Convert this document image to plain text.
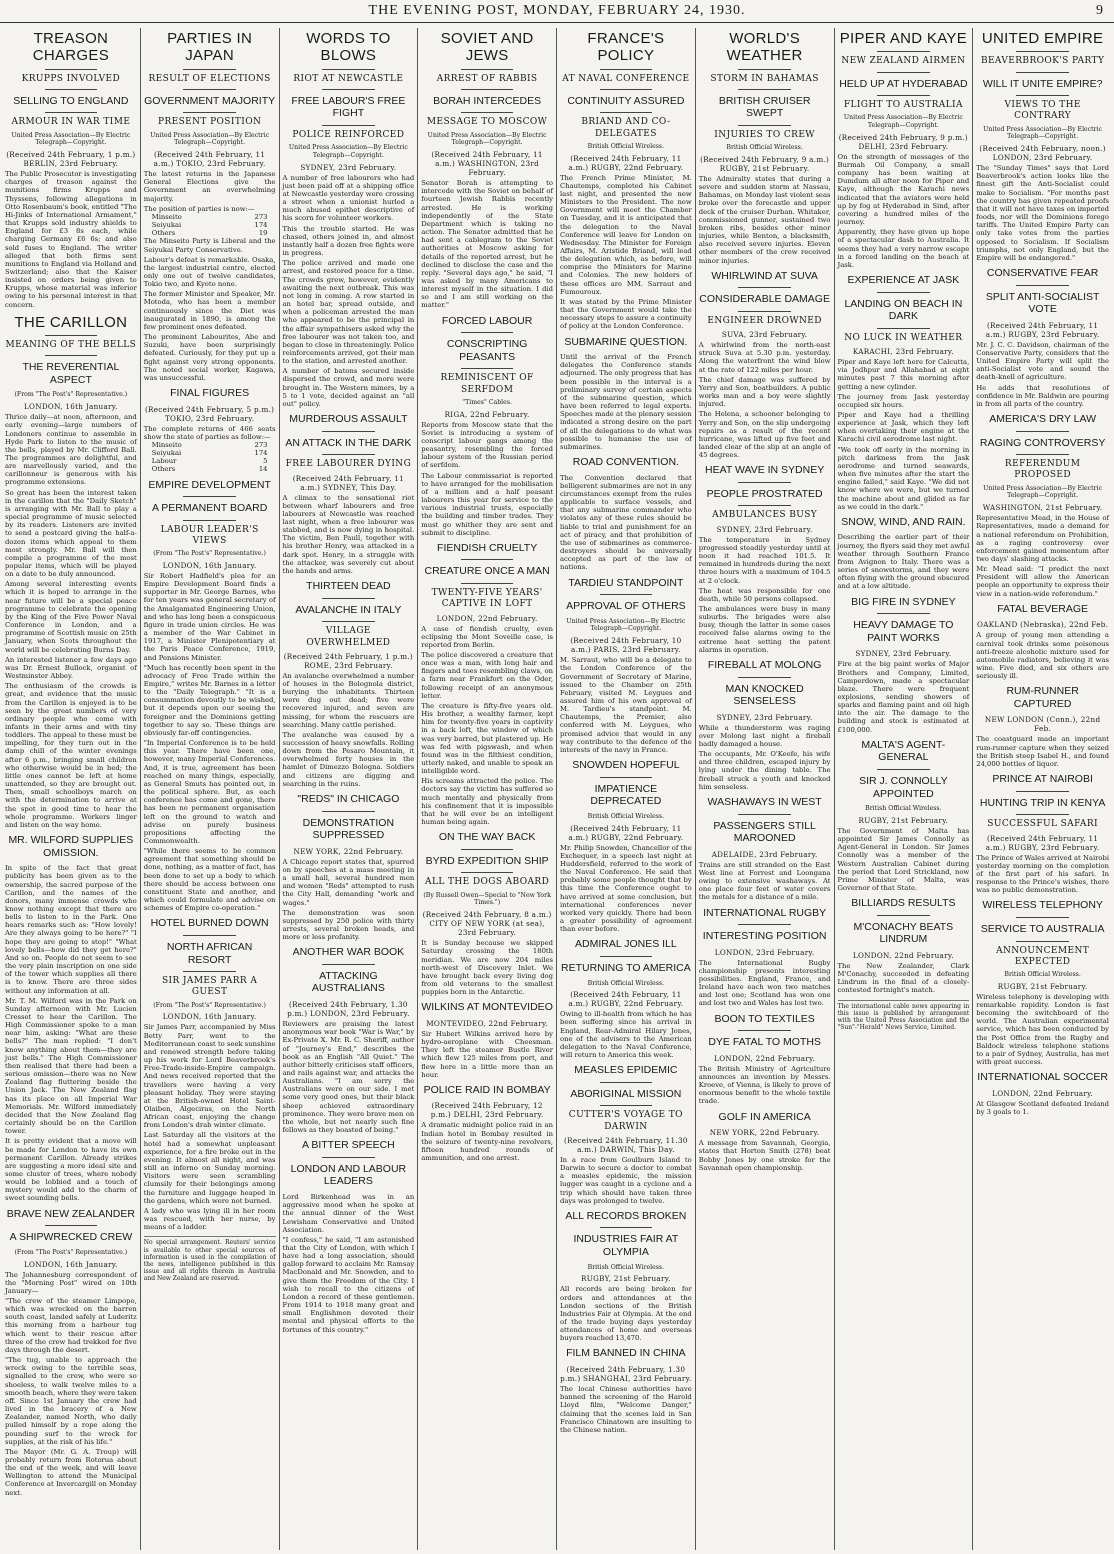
THE EVENING POST, MONDAY, FEBRUARY 24, 1930.	9
TREASON CHARGES
KRUPPS INVOLVED
SELLING TO ENGLAND
ARMOUR IN WAR TIME
United Press Association—By Electric Telegraph—Copyright.
(Received 24th February, 1 p.m.) BERLIN, 23rd February.

The Public Prosecutor is investigating charges of treason against the munitions firms Krupps and Thyssens, following allegations in Otto Rosenbaum's book, entitled "The Hi-Jinks of International Armament," that Krupps sold industry shields to England for £3 8s each, while charging Germany £6 6s; and also sold fuses to England. The writer alleged that both firms sent munitions to England via Holland and Switzerland; also that the Kaiser insisted on orders being given to Krupps, whose material was inferior owing to his personal interest in that concern.

THE CARILLON
MEANING OF THE BELLS
THE REVERENTIAL ASPECT
(From "The Post's" Representative.)
LONDON, 16th January.

Thrice daily—at noon, afternoon, and early evening—large numbers of Londoners continue to assemble in Hyde Park to listen to the music of the bells, played by Mr. Clifford Ball. The programmes are delightful, and are marvellously varied, and the carillonneur is generous with his programme extensions.

So great has been the interest taken in the carillon that the "Daily Sketch" is arranging with Mr. Ball to play a special programme of music selected by its readers. Listeners are invited to send a postcard giving the half-a-dozen items which appeal to them most strongly. Mr. Ball will then compile a programme of the most popular items, which will be played on a date to be duly announced.

Among several interesting events which it is hoped to arrange in the near future will be a special peace programme to celebrate the opening by the King of the Five Power Naval Conference in London, and a programme of Scottish music on 25th January, when Scots throughout the world will be celebrating Burns Day.

An interested listener a few days ago was Dr. Ernest Bullock, organist of Westminster Abbey.

The enthusiasm of the crowds is great, and evidence that the music from the Carillon is enjoyed is to be seen by the great numbers of very ordinary people who come with infants in their arms and with tiny toddlers. The appeal to these must be impelling, for they turn out in the damp chill of the winter evenings after 6 p.m., bringing small children who otherwise would be in bed; the little ones cannot be left at home unattended, so they are brought out. Then, small schoolboys march on with the determination to arrive at the spot in good time to hear the whole programme. Workers linger and listen on the way home.

MR. WILFORD SUPPLIES OMISSION.

In spite of the fact that great publicity has been given as to the ownership, the sacred purpose of the Carillon, and the names of the donors, many immense crowds who know nothing except that there are bells to listen to in the Park. One hears remarks such as: "How lovely! Are they always going to be here?" "I hope they are going to stop!" "What lovely bells—how did they get here?" And so on. People do not seem to see the very plain inscription on one side of the tower which supplies all there is to know. There are three sides without any information at all.

Mr. T. M. Wilford was in the Park on Sunday afternoon with Mr. Lucien Cresset to hear the Carillon. The High Commissioner spoke to a man near him, asking: "What are these bells?" The man replied: "I don't know anything about them—they are just bells." The High Commissioner then realised that there had been a serious omission—there was no New Zealand flag fluttering beside the Union Jack. The New Zealand flag has its place on all Imperial War Memorials. Mr. Wilford immediately decided that the New Zealand flag certainly should be on the Carillon tower.

It is pretty evident that a move will be made for London to have its own permanent Carillon. Already strikes are suggesting a more ideal site and some cluster of trees, where nobody would be lobbied and a touch of mystery would add to the charm of sweet sounding bells.

BRAVE NEW ZEALANDER
A SHIPWRECKED CREW
(From "The Post's" Representative.)
LONDON, 16th January.

The Johannesburg correspondent of the "Morning Post" wired on 10th January—

"The crew of the steamer Limpopo, which was wrecked on the barren south coast, landed safely at Luderitz this morning from a harbour tug which went to their rescue after three of the crew had trekked for five days through the desert.

"The tug, unable to approach the wreck owing to the terrible seas, signalled to the crew, who were so shoeless, to walk twelve miles to a smooth beach, where they were taken off. Since 1st January the crew had lived in the bracery of a New Zealander, named North, who daily pulled himself by a rope along the pounding surf to the wreck for supplies, at the risk of his life."

The Mayor (Mr. G. A. Troup) will probably return from Rotorua about the end of the week, and will leave Wellington to attend the Municipal Conference at Invercargill on Monday next.

PARTIES IN JAPAN
RESULT OF ELECTIONS
GOVERNMENT MAJORITY
PRESENT POSITION
United Press Association—By Electric Telegraph—Copyright.
(Received 24th February, 11 a.m.) TOKIO, 23rd February.

The latest returns in the Japanese General Elections give the Government an overwhelming majority.

The position of parties is now:—

Minseito	273
Seiyukai	174
Others	19

The Minseito Party is Liberal and the Seiyukai Party Conservative.

Labour's defeat is remarkable. Osaka, the largest industrial centre, elected only one out of twelve candidates, Tokio two, and Kyoto none.

The former Minister and Speaker, Mr. Motoda, who has been a member continuously since the Diet was inaugurated in 1890, is among the few prominent ones defeated.

The prominent Labourites, Abe and Suzuki, have been surprisingly defeated. Curiously, for they put up a fight against very strong opponents. The noted social worker, Kagawa, was unsuccessful.

FINAL FIGURES
(Received 24th February, 5 p.m.) TOKIO, 23rd February.

The complete returns of 466 seats show the state of parties as follow:—

Minseito	273
Seiyukai	174
Labour	5
Others	14
EMPIRE DEVELOPMENT
A PERMANENT BOARD
LABOUR LEADER'S VIEWS
(From "The Post's" Representative.)
LONDON, 16th January.

Sir Robert Hadfield's plea for an Empire Development Board finds a supporter in Mr. George Barnes, who for ten years was general secretary of the Amalgamated Engineering Union, and who has long been a conspicuous figure in trade union circles. He was a member of the War Cabinet in 1917, a Minister Plenipotentiary at the Paris Peace Conference, 1919, and Pensions Minister.

"Much has recently been spent in the advocacy of Free Trade within the Empire," writes Mr. Barnes in a letter to the "Daily Telegraph." "It is a consummation devoutly to be wished, but it depends upon our seeing the foreigner and the Dominions getting together to say so. These things are obviously far-off contingencies.

"In Imperial Conference is to be held this year. There have been one, however, many Imperial Conferences. And, it is true, agreement has been reached on many things, especially, as General Smuts has pointed out, in the political sphere. But, as each conference has come and gone, there has been no permanent organisation left on the ground to watch and advise on purely business propositions affecting the Commonwealth.

"While there seems to be common agreement that something should be done, nothing, as a matter of fact, has been done to set up a body to which there should be access between one constituent State and another, and which could formulate and advise on schemes of Empire co-operation."

HOTEL BURNED DOWN
NORTH AFRICAN RESORT
SIR JAMES PARR A GUEST
(From "The Post's" Representative.)
LONDON, 16th January.

Sir James Parr, accompanied by Miss Betty Parr, went to the Mediterranean coast to seek sunshine and renewed strength before taking up his work for Lord Beaverbrook's Free-Trade-inside-Empire campaign. And news received reported that the travellers were having a very pleasant holiday. They were staying at the British-owned Hotel Saint-Olaiben, Algeciras, on the North African coast, enjoying the change from London's drab winter climate.

Last Saturday all the visitors at the hotel had a somewhat unpleasant experience, for a fire broke out in the evening. It almost all night, and was still an inferno on Sunday morning. Visitors were seen scrambling clumsily for their belongings among the furniture and luggage heaped in the gardens, which were not burned.

A lady who was lying ill in her room was rescued, with her nurse, by means of a ladder.

No special arrangement. Reuters' service is available to other special sources of information is used in the compilation of the news, intelligence published in this issue and all rights therein in Australia and New Zealand are reserved.
WORDS TO BLOWS
RIOT AT NEWCASTLE
FREE LABOUR'S FREE FIGHT
POLICE REINFORCED
United Press Association—By Electric Telegraph—Copyright.
SYDNEY, 23rd February.

A number of free labourers who had just been paid off at a shipping office at Newcastle yesterday were crossing a street when a unionist hurled a much abused epithet descriptive of his scorn for volunteer workers.

This the trouble started. He was chased, others joined in, and almost instantly half a dozen free fights were in progress.

The police arrived and made one arrest, and restored peace for a time. The crowds grew, however, evidently awaiting the next outbreak. This was not long in coming. A row started in an hotel bar, spread outside, and when a policeman arrested the man who appeared to be the principal in the affair sympathisers asked why the free labourer was not taken too, and began to close in threateningly. Police reinforcements arrived, got their man to the station, and arrested another.

A number of batons secured inside dispersed the crowd, and more were brought in. The Western miners, by a 5 to 1 vote, decided against an "all out" policy.

MURDEROUS ASSAULT
AN ATTACK IN THE DARK
FREE LABOURER DYING
(Received 24th February, 11 a.m.) SYDNEY, This Day.

A climax to the sensational riot between wharf labourers and free labourers at Newcastle was reached last night, when a free labourer was stabbed, and is now dying in hospital. The victim, Ben Paull, together with his brother Henry, was attacked in a dark spot. Henry, in a struggle with the attacker, was severely cut about the hands and arms.

THIRTEEN DEAD
AVALANCHE IN ITALY
VILLAGE OVERWHELMED
(Received 24th February, 1 p.m.) ROME, 23rd February.

An avalanche overwhelmed a number of houses in the Bolognola district, burying the inhabitants. Thirteen were dug out dead; five were recovered injured, and seven are missing, for whom the rescuers are searching. Many cattle perished.

The avalanche was caused by a succession of heavy snowfalls. Rolling down from the Pesaro Mountain, it overwhelmed forty houses in the hamlet of Dimezzo Bologna. Soldiers and citizens are digging and searching in the ruins.

"REDS" IN CHICAGO
DEMONSTRATION SUPPRESSED
NEW YORK, 22nd February.

A Chicago report states that, spurred on by speeches at a mass meeting in a small hall, several hundred men and women "Reds" attempted to rush the City Hall, demanding "work and wages."

The demonstration was soon suppressed by 250 police with thirty arrests, several broken heads, and more or less profanity.

ANOTHER WAR BOOK
ATTACKING AUSTRALIANS
(Received 24th February, 1.30 p.m.) LONDON, 23rd February.

Reviewers are praising the latest anonymous war book "War is War," by Ex-Private X. Mr. R. C. Sheriff, author of "Journey's End," describes the book as an English "All Quiet." The author bitterly criticises staff officers, and rails against war, and attacks the Australians. "I am sorry the Australians were on our side. I met some very good ones, but their black sheep achieved extraordinary prominence. They were brave men on the whole, but not nearly such fine fellows as they boasted of being."

A BITTER SPEECH
LONDON AND LABOUR LEADERS

Lord Birkenhead was in an aggressive mood when he spoke at the annual dinner of the West Lewisham Conservative and United Association.

"I confess," he said, "I am astonished that the City of London, with which I have had a long association, should gallop forward to acclaim Mr. Ramsay MacDonald and Mr. Snowden, and to give them the Freedom of the City. I wish to recall to the citizens of London a record of these gentlemen. From 1914 to 1918 many great and small Englishmen devoted their mental and physical efforts to the fortunes of this country."

SOVIET AND JEWS
ARREST OF RABBIS
BORAH INTERCEDES
MESSAGE TO MOSCOW
United Press Association—By Electric Telegraph—Copyright.
(Received 24th February, 11 a.m.) WASHINGTON, 23rd February.

Senator Borah is attempting to intercede with the Soviet on behalf of fourteen Jewish Rabbis recently arrested. He is working independently of the State Department which is taking no action. The Senator admitted that he had sent a cablegram to the Soviet authorities at Moscow asking for details of the reported arrest, but he declined to disclose the case and the reply. "Several days ago," he said, "I was asked by many Americans to interest myself in the situation. I did so and I am still working on the matter."

FORCED LABOUR
CONSCRIPTING PEASANTS
REMINISCENT OF SERFDOM
"Times" Cables.
RIGA, 22nd February.

Reports from Moscow state that the Soviet is introducing a system of conscript labour gangs among the peasantry, resembling the forced labour system of the Russian period of serfdom.

The Labour commissariat is reported to have arranged for the mobilisation of a million and a half peasant labourers this year for service to the various industrial trusts, especially the building and timber trades. They must go whither they are sent and submit to discipline.

FIENDISH CRUELTY
CREATURE ONCE A MAN
TWENTY-FIVE YEARS' CAPTIVE IN LOFT
LONDON, 22nd February.

A case of fiendish cruelty, even eclipsing the Mont Soveille case, is reported from Berlin.

The police discovered a creature that once was a man, with long hair and fingers and toes resembling claws, on a farm near Frankfort on the Oder, following receipt of an anonymous letter.

The creature is fifty-five years old. His brother, a wealthy farmer, kept him for twenty-five years in captivity in a back loft, the window of which was very barred, but plastered up. He was fed with pigswash, and when found was in the filthiest condition, utterly naked, and unable to speak an intelligible word.

His screams attracted the police. The doctors say the victim has suffered so much mentally and physically from his confinement that it is impossible that he will ever be an intelligent human being again.

ON THE WAY BACK
BYRD EXPEDITION SHIP
ALL THE DOGS ABOARD
(By Russell Owen—Special to "New York Times.")
(Received 24th February, 8 a.m.) CITY OF NEW YORK (at sea), 23rd February.

It is Sunday because we skipped Saturday crossing the 180th meridian. We are now 204 miles north-west of Discovery Inlet. We have brought back every living dog from old veterans to the smallest puppies born in the Antarctic.

WILKINS AT MONTEVIDEO
MONTEVIDEO, 22nd February.

Sir Hubert Wilkins arrived here by hydro-aeroplane with Cheesman. They left the steamer Bustle River which flew 125 miles from port, and flew here in a little more than an hour.

POLICE RAID IN BOMBAY
(Received 24th February, 12 p.m.) DELHI, 23rd February.

A dramatic midnight police raid in an Indian hotel in Bombay resulted in the seizure of twenty-nine revolvers, fifteen hundred rounds of ammunition, and one arrest.

FRANCE'S POLICY
AT NAVAL CONFERENCE
CONTINUITY ASSURED
BRIAND AND CO-DELEGATES
British Official Wireless.
(Received 24th February, 11 a.m.) RUGBY, 22nd February.

The French Prime Minister, M. Chautemps, completed his Cabinet last night, and presented the new Ministers to the President. The new Government will meet the Chamber on Tuesday, and it is anticipated that the delegation to the Naval Conference will leave for London on Wednesday. The Minister for Foreign Affairs, M. Aristide Briand, will lead the delegation which, as before, will comprise the Ministers for Marine and Colonies. The new holders of these offices are MM. Sarraut and Fumouroux.

It was stated by the Prime Minister that the Government would take the necessary steps to assure a continuity of policy at the London Conference.

SUBMARINE QUESTION.

Until the arrival of the French delegates the Conference stands adjourned. The only progress that has been possible in the interval is a preliminary survey of certain aspects of the submarine question, which have been referred to legal experts. Speeches made at the plenary session indicated a strong desire on the part of all the delegations to do what was possible to humanise the use of submarines.

ROAD CONVENTION.

The Convention declared that belligerent submarines are not in any circumstances exempt from the rules applicable to surface vessels, and that any submarine commander who violates any of these rules should be liable to trial and punishment for an act of piracy, and that prohibition of the use of submarines as commerce-destroyers should be universally accepted as part of the law of nations.

TARDIEU STANDPOINT
APPROVAL OF OTHERS
United Press Association—By Electric Telegraph—Copyright.
(Received 24th February, 10 a.m.) PARIS, 23rd February.

M. Sarraut, who will be a delegate to the London Conference of the Government of Secretary of Marine, issued to the Chamber on 25th February, visited M. Leygues and assured him of his own approval of M. Tardieu's standpoint. M. Chautemps, the Premier, also conferred with M. Leygues, who promised advice that would in any way contribute to the defence of the interests of the navy in France.

SNOWDEN HOPEFUL
IMPATIENCE DEPRECATED
British Official Wireless.
(Received 24th February, 11 a.m.) RUGBY, 22nd February.

Mr. Philip Snowden, Chancellor of the Exchequer, in a speech last night at Huddersfield, referred to the work of the Naval Conference. He said that probably some people thought that by this time the Conference ought to have arrived at some conclusion, but international conferences never worked very quickly. There had been a greater possibility of agreement than ever before.

ADMIRAL JONES ILL
RETURNING TO AMERICA
British Official Wireless.
(Received 24th February, 11 a.m.) RUGBY, 22nd February.

Owing to ill-health from which he has been suffering since his arrival in England, Rear-Admiral Hilary Jones, one of the advisers to the American delegation to the Naval Conference, will return to America this week.

MEASLES EPIDEMIC
ABORIGINAL MISSION
CUTTER'S VOYAGE TO DARWIN
(Received 24th February, 11.30 a.m.) DARWIN, This Day.

In a race from Goulburn Island to Darwin to secure a doctor to combat a measles epidemic, the mission lugger was caught in a cyclone and a trip which should have taken three days was prolonged to twelve.

ALL RECORDS BROKEN
INDUSTRIES FAIR AT OLYMPIA
British Official Wireless.
RUGBY, 21st February.

All records are being broken for orders and attendances at the London sections of the British Industries Fair at Olympia. At the end of the trade buying days yesterday attendances of home and overseas buyers reached 13,470.

FILM BANNED IN CHINA
(Received 24th February, 1.30 p.m.) SHANGHAI, 23rd February.

The local Chinese authorities have banned the screening of the Harold Lloyd film, "Welcome Danger," claiming that the scenes laid in San Francisco Chinatown are insulting to the Chinese nation.

WORLD'S WEATHER
STORM IN BAHAMAS
BRITISH CRUISER SWEPT
INJURIES TO CREW
British Official Wireless.
(Received 24th February, 9 a.m.) RUGBY, 21st February.

The Admiralty states that during a severe and sudden storm at Nassau, Bahamas, on Monday last violent seas broke over the forecastle and upper deck of the cruiser Durban. Whitaker, commissioned gunner, sustained two broken ribs, besides other minor injuries, while Benton, a blacksmith, also received severe injuries. Eleven other members of the crew received minor injuries.

WHIRLWIND AT SUVA
CONSIDERABLE DAMAGE
ENGINEER DROWNED
SUVA, 23rd February.

A whirlwind from the north-east struck Suva at 5.30 p.m. yesterday. Along the waterfront the wind blew at the rate of 122 miles per hour.

The chief damage was suffered by Yerry and Son, boatbuilders. A public works man and a boy were slightly injured.

The Helena, a schooner belonging to Yerry and Son, on the slip undergoing repairs as a result of the recent hurricane, was lifted up five feet and landed clear of the slip at an angle of 45 degrees.

HEAT WAVE IN SYDNEY
PEOPLE PROSTRATED
AMBULANCES BUSY
SYDNEY, 23rd February.

The temperature in Sydney progressed steadily yesterday until at noon it had reached 101.5. It remained in hundreds during the next three hours with a maximum of 104.5 at 2 o'clock.

The heat was responsible for one death, while 50 persons collapsed.

The ambulances were busy in many suburbs. The brigades were also busy, though the latter in some cases received false alarms owing to the extreme heat setting the patent alarms in operation.

FIREBALL AT MOLONG
MAN KNOCKED SENSELESS
SYDNEY, 23rd February.

While a thunderstorm was raging over Molong last night a fireball badly damaged a house.

The occupants, Mr. O'Keefe, his wife and three children, escaped injury by lying under the dining table. The fireball struck a youth and knocked him senseless.

WASHAWAYS IN WEST
PASSENGERS STILL MAROONED
ADELAIDE, 23rd February.

Trains are still stranded on the East West line at Forrest and Loongana owing to extensive washaways. At one place four feet of water covers the metals for a distance of a mile.

INTERNATIONAL RUGBY
INTERESTING POSITION
LONDON, 23rd February.

The International Rugby championship presents interesting possibilities. England, France, and Ireland have each won two matches and lost one; Scotland has won one and lost two and Wales has lost two.

BOON TO TEXTILES
DYE FATAL TO MOTHS
LONDON, 22nd February.

The British Ministry of Agriculture announces an invention by Messrs. Kroeve, of Vienna, is likely to prove of enormous benefit to the whole textile trade.

GOLF IN AMERICA
NEW YORK, 22nd February.

A message from Savannah, Georgia, states that Horton Smith (278) beat Bobby Jones by one stroke for the Savannah open championship.

PIPER AND KAYE
NEW ZEALAND AIRMEN
HELD UP AT HYDERABAD
FLIGHT TO AUSTRALIA
United Press Association—By Electric Telegraph—Copyright.
(Received 24th February, 9 p.m.) DELHI, 23rd February.

On the strength of messages of the Burmah Oil Company, a small company has been waiting at Dumdum all after noon for Piper and Kaye, although the Karachi news indicated that the aviators were held up by fog at Hyderabad in Sind, after covering a hundred miles of the journey.

Apparently, they have given up hope of a spectacular dash to Australia. It seems they had a very narrow escape in a forced landing on the beach at Jask.

EXPERIENCE AT JASK
LANDING ON BEACH IN DARK
NO LUCK IN WEATHER
KARACHI, 23rd February.

Piper and Kaye left here for Calcutta, via Jodhpur and Allahabad at eight minutes past 7 this morning after getting a new cylinder.

The journey from Jask yesterday occupied six hours.

Piper and Kaye had a thrilling experience at Jask, which they left when overtaking their engine at the Karachi civil aerodrome last night.

"We took off early in the morning in pitch darkness from the Jask aerodrome and turned seawards, when five minutes after the start the engine failed," said Kaye. "We did not know where we were, but we turned the machine about and glided as far as we could in the dark."

SNOW, WIND, AND RAIN.

Describing the earlier part of their journey, the flyers said they met awful weather through Southern France from Avignon to Italy. There was a series of snowstorms, and they were often flying with the ground obscured and at a low altitude.

BIG FIRE IN SYDNEY
HEAVY DAMAGE TO PAINT WORKS
SYDNEY, 23rd February.

Fire at the big paint works of Major Brothers and Company, Limited, Camperdown, made a spectacular blaze. There were frequent explosions, sending showers of sparks and flaming paint and oil high into the air. The damage to the building and stock is estimated at £100,000.

MALTA'S AGENT-GENERAL
SIR J. CONNOLLY APPOINTED
British Official Wireless.
RUGBY, 21st February.

The Government of Malta has appointed Sir James Connolly as Agent-General in London. Sir James Connolly was a member of the Western Australian Cabinet during the period that Lord Strickland, now Prime Minister of Malta, was Governor of that State.

BILLIARDS RESULTS
M'CONACHY BEATS LINDRUM
LONDON, 22nd February.

The New Zealander, Clark M'Conachy, succeeded in defeating Lindrum in the final of a closely-contested fortnight's match.

The international cable news appearing in this issue is published by arrangement with the United Press Association and the "Sun"-"Herald" News Service, Limited.
UNITED EMPIRE
BEAVERBROOK'S PARTY
WILL IT UNITE EMPIRE?
VIEWS TO THE CONTRARY
United Press Association—By Electric Telegraph—Copyright.
(Received 24th February, noon.) LONDON, 23rd February.

The "Sunday Times" says that Lord Beaverbrook's action looks like the finest gift the Anti-Socialist could make to Socialism. "For months past the country has given repeated proofs that it will not have taxes on imported foods, nor will the Dominions forego tariffs. The United Empire Party can only take votes from the parties opposed to Socialism. If Socialism triumphs, not only England, but the Empire will be endangered."

CONSERVATIVE FEAR
SPLIT ANTI-SOCIALIST VOTE
(Received 24th February, 11 a.m.) RUGBY, 23rd February.

Mr. J. C. C. Davidson, chairman of the Conservative Party, considers that the United Empire Party will split the anti-Socialist vote and sound the death-knell of agriculture.

He adds that resolutions of confidence in Mr. Baldwin are pouring in from all parts of the country.

AMERICA'S DRY LAW
RAGING CONTROVERSY
REFERENDUM PROPOSED
United Press Association—By Electric Telegraph—Copyright.
WASHINGTON, 21st February.

Representative Mead, in the House of Representatives, made a demand for a national referendum on Prohibition, as a raging controversy over enforcement gained momentum after two days' slashing attacks.

Mr. Mead said: "I predict the next President will allow the American people an opportunity to express their view in a nation-wide referendum."

FATAL BEVERAGE
OAKLAND (Nebraska), 22nd Feb.

A group of young men attending a carnival took drinks some poisonous anti-freeze alcoholic mixture used for automobile radiators, believing it was wine. Five died, and six others are seriously ill.

RUM-RUNNER CAPTURED
NEW LONDON (Conn.), 22nd Feb.

The coastguard made an important rum-runner capture when they seized the British steep Isabel H., and found 24,000 bottles of liquor.

PRINCE AT NAIROBI
HUNTING TRIP IN KENYA
SUCCESSFUL SAFARI
(Received 24th February, 11 a.m.) RUGBY, 23rd February.

The Prince of Wales arrived at Nairobi yesterday morning on the completion of the first part of his safari. In response to the Prince's wishes, there was no public demonstration.

WIRELESS TELEPHONY
SERVICE TO AUSTRALIA
ANNOUNCEMENT EXPECTED
British Official Wireless.
RUGBY, 21st February.

Wireless telephony is developing with remarkable rapidity. London is fast becoming the switchboard of the world. The Australian experimental service, which has been conducted by the Post Office from the Rugby and Baldock wireless telephone stations to a pair of Sydney, Australia, has met with great success.

INTERNATIONAL SOCCER
LONDON, 22nd February.

At Glasgow Scotland defeated Ireland by 3 goals to 1.
